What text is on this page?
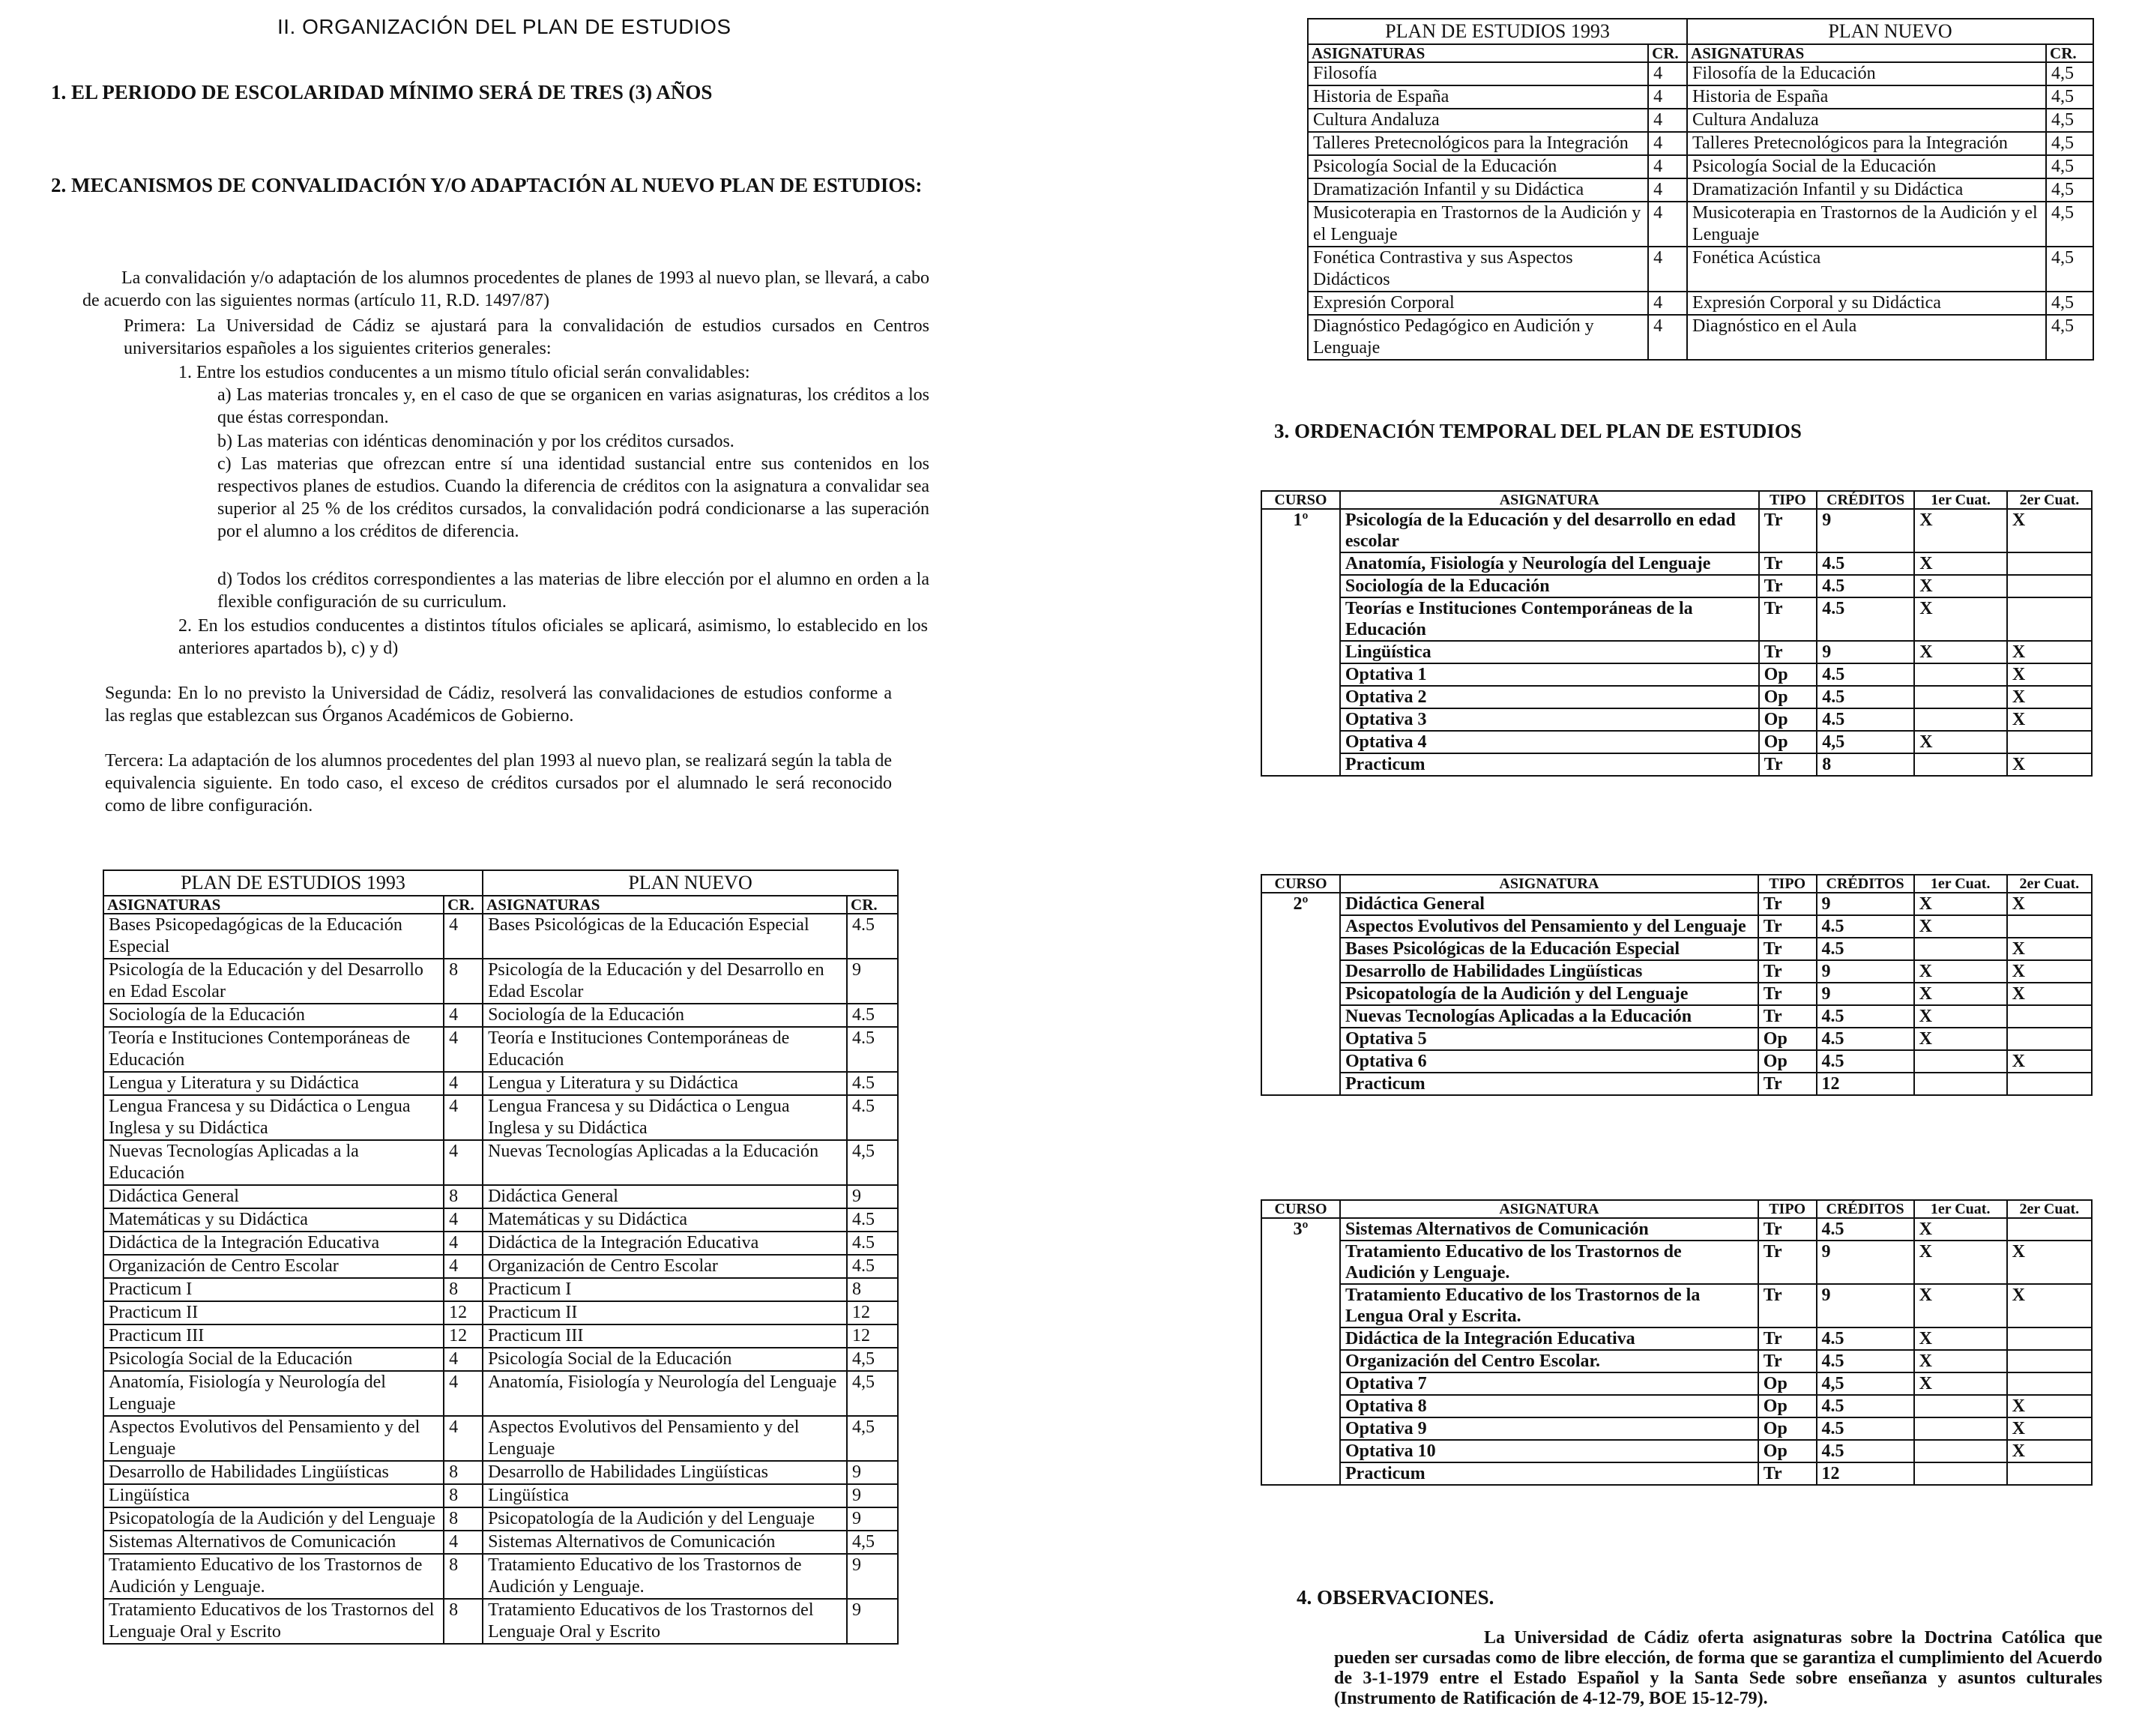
II. ORGANIZACIÓN DEL PLAN DE ESTUDIOS
1. EL PERIODO DE ESCOLARIDAD MÍNIMO SERÁ DE TRES (3) AÑOS
2. MECANISMOS DE CONVALIDACIÓN Y/O ADAPTACIÓN AL NUEVO PLAN DE ESTUDIOS:
La convalidación y/o adaptación de los alumnos procedentes de planes de 1993 al nuevo plan, se llevará, a cabo de acuerdo con las siguientes normas (artículo 11, R.D. 1497/87)
Primera: La Universidad de Cádiz se ajustará para la convalidación de estudios cursados en Centros universitarios españoles a los siguientes criterios generales:
1. Entre los estudios conducentes a un mismo título oficial serán convalidables:
a) Las materias troncales y, en el caso de que se organicen en varias asignaturas, los créditos a los que éstas correspondan.
b) Las materias con idénticas denominación y por los créditos cursados.
c) Las materias que ofrezcan entre sí una identidad sustancial entre sus contenidos en los respectivos planes de estudios. Cuando la diferencia de créditos con la asignatura a convalidar sea superior al 25 % de los créditos cursados, la convalidación podrá condicionarse a las superación por el alumno a los créditos de diferencia.
d) Todos los créditos correspondientes a las materias de libre elección por el alumno en orden a la flexible configuración de su curriculum.
2. En los estudios conducentes a distintos títulos oficiales se aplicará, asimismo, lo establecido en los anteriores apartados b), c) y d)
Segunda: En lo no previsto la Universidad de Cádiz, resolverá las convalidaciones de estudios conforme a las reglas que establezcan sus Órganos Académicos de Gobierno.
Tercera: La adaptación de los alumnos procedentes del plan 1993 al nuevo plan, se realizará según la tabla de equivalencia siguiente. En todo caso, el exceso de créditos cursados por el alumnado le será reconocido como de libre configuración.
PLAN DE ESTUDIOS 1993		PLAN NUEVO	
ASIGNATURAS	CR.	ASIGNATURAS	CR.
Bases Psicopedagógicas de la Educación Especial	4	Bases Psicológicas de la Educación Especial	4.5
Psicología de la Educación y del Desarrollo en Edad Escolar	8	Psicología de la Educación y del Desarrollo en Edad Escolar	9
Sociología de la Educación	4	Sociología de la Educación	4.5
Teoría e Instituciones Contemporáneas de Educación	4	Teoría e Instituciones Contemporáneas de Educación	4.5
Lengua y Literatura y su Didáctica	4	Lengua y Literatura y su Didáctica	4.5
Lengua Francesa y su Didáctica o Lengua Inglesa y su Didáctica	4	Lengua Francesa y su Didáctica o Lengua Inglesa y su Didáctica	4.5
Nuevas Tecnologías Aplicadas a la Educación	4	Nuevas Tecnologías Aplicadas a la Educación	4,5
Didáctica General	8	Didáctica General	9
Matemáticas y su Didáctica	4	Matemáticas y su Didáctica	4.5
Didáctica de la Integración Educativa	4	Didáctica de la Integración Educativa	4.5
Organización de Centro Escolar	4	Organización de Centro Escolar	4.5
Practicum I	8	Practicum I	8
Practicum II	12	Practicum II	12
Practicum III	12	Practicum III	12
Psicología Social de la Educación	4	Psicología Social de la Educación	4,5
Anatomía, Fisiología y Neurología del Lenguaje	4	Anatomía, Fisiología y Neurología del Lenguaje	4,5
Aspectos Evolutivos del Pensamiento y del Lenguaje	4	Aspectos Evolutivos del Pensamiento y del Lenguaje	4,5
Desarrollo de Habilidades Lingüísticas	8	Desarrollo de Habilidades Lingüísticas	9
Lingüística	8	Lingüística	9
Psicopatología de la Audición y del Lenguaje	8	Psicopatología de la Audición y del Lenguaje	9
Sistemas Alternativos de Comunicación	4	Sistemas Alternativos de Comunicación	4,5
Tratamiento Educativo de los Trastornos de Audición y Lenguaje.	8	Tratamiento Educativo de los Trastornos de Audición y Lenguaje.	9
Tratamiento Educativos de los Trastornos del Lenguaje Oral y Escrito	8	Tratamiento Educativos de los Trastornos del Lenguaje Oral y Escrito	9
PLAN DE ESTUDIOS 1993		PLAN NUEVO	
ASIGNATURAS	CR.	ASIGNATURAS	CR.
Filosofía	4	Filosofía de la Educación	4,5
Historia de España	4	Historia de España	4,5
Cultura Andaluza	4	Cultura Andaluza	4,5
Talleres Pretecnológicos para la Integración	4	Talleres Pretecnológicos para la Integración	4,5
Psicología Social de la Educación	4	Psicología Social de la Educación	4,5
Dramatización Infantil y su Didáctica	4	Dramatización Infantil y su Didáctica	4,5
Musicoterapia en Trastornos de la Audición y el Lenguaje	4	Musicoterapia en Trastornos de la Audición y el Lenguaje	4,5
Fonética Contrastiva y sus Aspectos Didácticos	4	Fonética Acústica	4,5
Expresión Corporal	4	Expresión Corporal y su Didáctica	4,5
Diagnóstico Pedagógico en Audición y Lenguaje	4	Diagnóstico en el Aula	4,5
3. ORDENACIÓN TEMPORAL DEL PLAN DE ESTUDIOS
CURSO	ASIGNATURA	TIPO	CRÉDITOS	1er Cuat.	2er Cuat.
1º	Psicología de la Educación y del desarrollo en edad escolar	Tr	9	X	X
	Anatomía, Fisiología y Neurología del Lenguaje	Tr	4.5	X	
	Sociología de la Educación	Tr	4.5	X	
	Teorías e Instituciones Contemporáneas de la Educación	Tr	4.5	X	
	Lingüística	Tr	9	X	X
	Optativa 1	Op	4.5		X
	Optativa 2	Op	4.5		X
	Optativa 3	Op	4.5		X
	Optativa 4	Op	4,5	X	
	Practicum	Tr	8		X
CURSO	ASIGNATURA	TIPO	CRÉDITOS	1er Cuat.	2er Cuat.
2º	Didáctica General	Tr	9	X	X
	Aspectos Evolutivos del Pensamiento y del Lenguaje	Tr	4.5	X	
	Bases Psicológicas de la Educación Especial	Tr	4.5		X
	Desarrollo de Habilidades Lingüísticas	Tr	9	X	X
	Psicopatología de la Audición y del Lenguaje	Tr	9	X	X
	Nuevas Tecnologías Aplicadas a la Educación	Tr	4.5	X	
	Optativa 5	Op	4.5	X	
	Optativa 6	Op	4.5		X
	Practicum	Tr	12		
CURSO	ASIGNATURA	TIPO	CRÉDITOS	1er Cuat.	2er Cuat.
3º	Sistemas Alternativos de Comunicación	Tr	4.5	X	
	Tratamiento Educativo de los Trastornos de Audición y Lenguaje.	Tr	9	X	X
	Tratamiento Educativo de los Trastornos de la Lengua Oral y Escrita.	Tr	9	X	X
	Didáctica de la Integración Educativa	Tr	4.5	X	
	Organización del Centro Escolar.	Tr	4.5	X	
	Optativa 7	Op	4,5	X	
	Optativa 8	Op	4.5		X
	Optativa 9	Op	4.5		X
	Optativa 10	Op	4.5		X
	Practicum	Tr	12		
4. OBSERVACIONES.
La Universidad de Cádiz oferta asignaturas sobre la Doctrina Católica que pueden ser cursadas como de libre elección, de forma que se garantiza el cumplimiento del Acuerdo de 3-1-1979 entre el Estado Español y la Santa Sede sobre enseñanza y asuntos culturales (Instrumento de Ratificación de 4-12-79, BOE 15-12-79).
